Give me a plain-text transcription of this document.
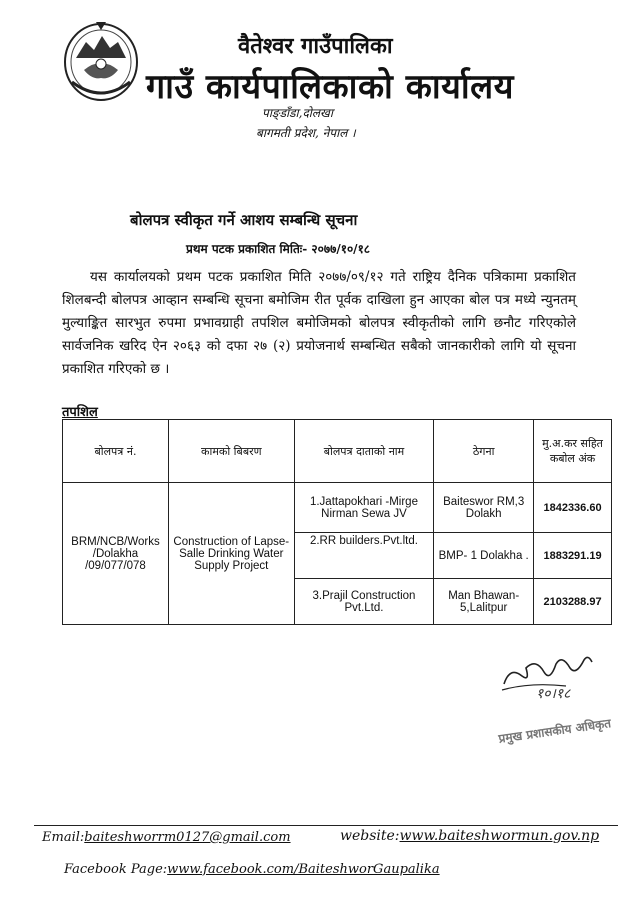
वैतेश्वर गाउँपालिका
गाउँ कार्यपालिकाको कार्यालय
पाङ्डाँडा,दोलखा
बागमती प्रदेश, नेपाल ।
बोलपत्र स्वीकृत गर्ने आशय सम्बन्धि सूचना
प्रथम पटक प्रकाशित मितिः- २०७७/१०/१८
यस कार्यालयको प्रथम पटक प्रकाशित मिति २०७७/०९/१२ गते राष्ट्रिय दैनिक पत्रिकामा प्रकाशित शिलबन्दी बोलपत्र आव्हान सम्बन्धि सूचना बमोजिम रीत पूर्वक दाखिला हुन आएका बोल पत्र मध्ये न्युनतम् मुल्याङ्कित सारभुत रुपमा प्रभावग्राही तपशिल बमोजिमको बोलपत्र स्वीकृतीको लागि छनौट गरिएकोले सार्वजनिक खरिद ऐन २०६३ को दफा २७ (२) प्रयोजनार्थ सम्बन्धित सबैको जानकारीको लागि यो सूचना प्रकाशित गरिएको छ ।
तपशिल
बोलपत्र नं.	कामको बिबरण	बोलपत्र दाताको नाम	ठेगना	मु.अ.कर सहित कबोल अंक
BRM/NCB/Works /Dolakha /09/077/078	Construction of Lapse-Salle Drinking Water Supply Project	1.Jattapokhari -Mirge Nirman Sewa JV	Baiteswor RM,3 Dolakh	1842336.60
		2.RR builders.Pvt.ltd.	BMP- 1 Dolakha .	1883291.19
		3.Prajil Construction Pvt.Ltd.	Man Bhawan-5,Lalitpur	2103288.97
१०।१८
प्रमुख प्रशासकीय अधिकृत
Email:baiteshworrm0127@gmail.com	website:www.baiteshwormun.gov.np
Facebook Page:www.facebook.com/BaiteshworGaupalika
